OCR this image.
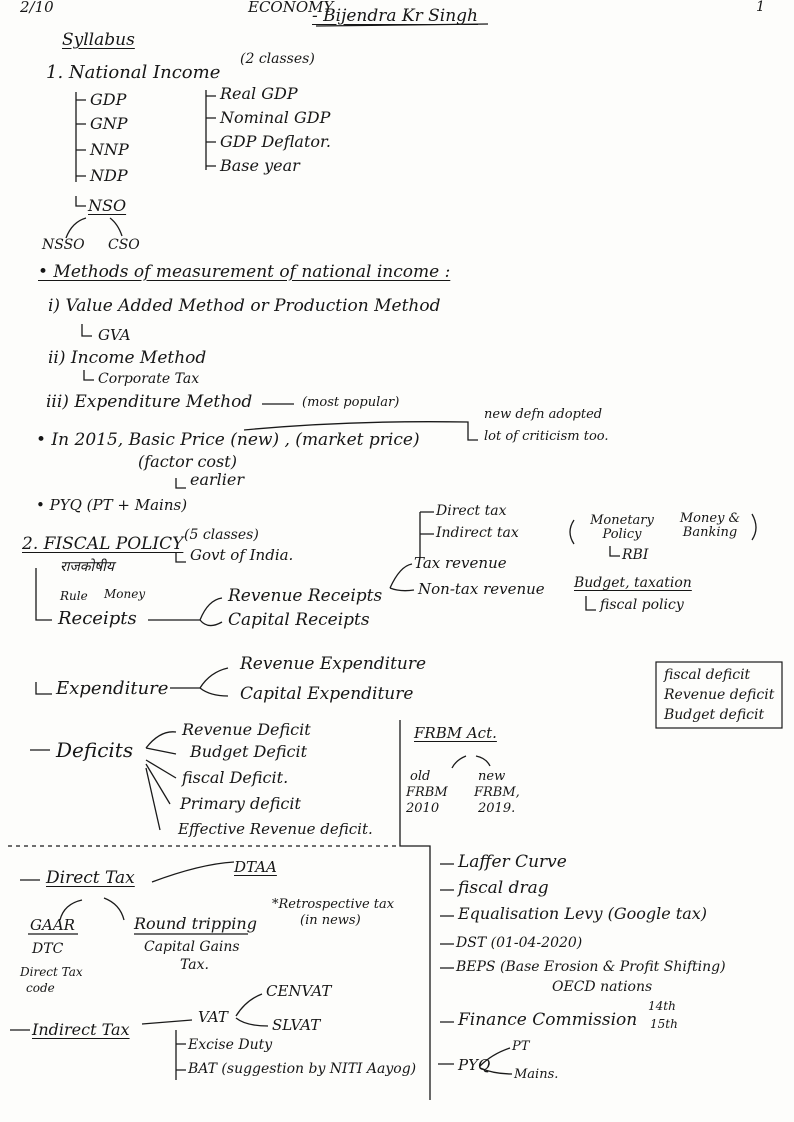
2/10	ECONOMY
- Bijendra Kr Singh	1
Syllabus
1. National Income
(2 classes)
GDP
GNP
NNP
NDP
Real GDP
Nominal GDP
GDP Deflator.
Base year
NSO
NSSO CSO
• Methods of measurement of national income :
i) Value Added Method or Production Method
GVA
ii) Income Method
Corporate Tax
iii) Expenditure Method	(most popular)
• In 2015, Basic Price (new) , (market price)
(factor cost)
earlier
new defn adopted
lot of criticism too.
• PYQ (PT + Mains)
2. FISCAL POLICY (5 classes)
Govt of India.
राजकोषीय
Rule Money
Receipts
Revenue Receipts
Capital Receipts
Tax revenue
Non-tax revenue
Direct tax
Indirect tax
Monetary Policy
Money & Banking
RBI
Budget, taxation
fiscal policy
Expenditure
Revenue Expenditure
Capital Expenditure
fiscal deficit
Revenue deficit
Budget deficit
Deficits
Revenue Deficit
Budget Deficit
fiscal Deficit.
Primary deficit
Effective Revenue deficit.
FRBM Act.
old
FRBM
2010
new
FRBM,
2019.
Direct Tax
DTAA
GAAR
DTC
Direct Tax
code
Round tripping
Capital Gains
Tax.
*Retrospective tax
(in news)
Indirect Tax
VAT
CENVAT
SLVAT
Excise Duty
BAT (suggestion by NITI Aayog)
Laffer Curve
fiscal drag
Equalisation Levy (Google tax)
DST (01-04-2020)
BEPS (Base Erosion & Profit Shifting)
OECD nations
Finance Commission
14th
15th
PYQ
PT
Mains.
